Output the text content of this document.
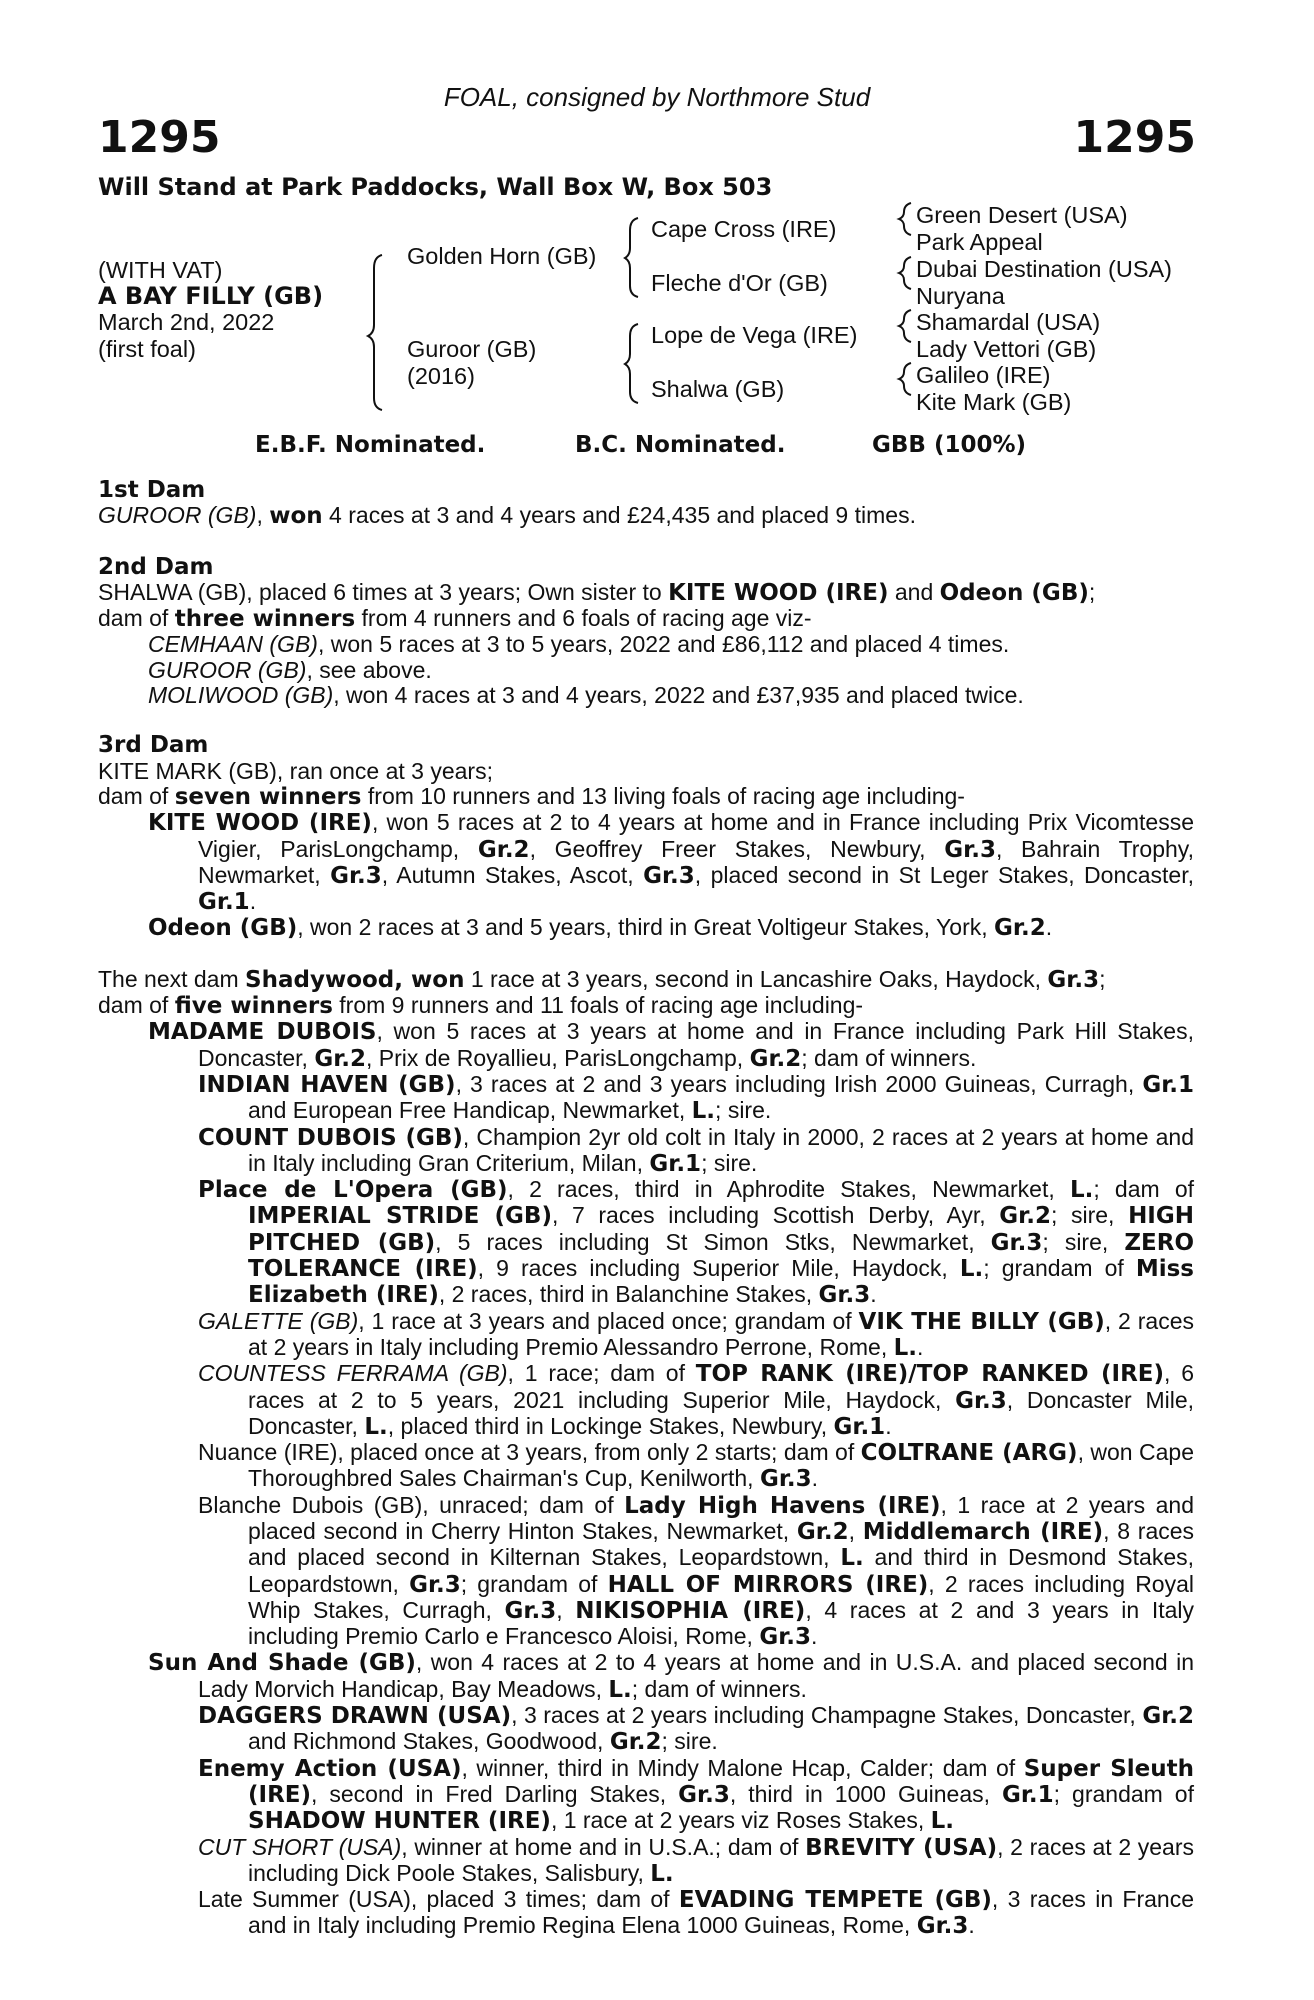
FOAL, consigned by Northmore Stud
1295	1295
Will Stand at Park Paddocks, Wall Box W, Box 503
(WITH VAT)
A BAY FILLY (GB)
March 2nd, 2022
(first foal)
Golden Horn (GB)
Guroor (GB)
(2016)
Cape Cross (IRE)
Fleche d'Or (GB)
Lope de Vega (IRE)
Shalwa (GB)
Green Desert (USA)
Park Appeal
Dubai Destination (USA)
Nuryana
Shamardal (USA)
Lady Vettori (GB)
Galileo (IRE)
Kite Mark (GB)
E.B.F. Nominated.	B.C. Nominated.	GBB (100%)
1st Dam

GUROOR (GB), won 4 races at 3 and 4 years and £24,435 and placed 9 times.

2nd Dam

SHALWA (GB), placed 6 times at 3 years; Own sister to KITE WOOD (IRE) and Odeon (GB);
dam of three winners from 4 runners and 6 foals of racing age viz-

CEMHAAN (GB), won 5 races at 3 to 5 years, 2022 and £86,112 and placed 4 times.

GUROOR (GB), see above.

MOLIWOOD (GB), won 4 races at 3 and 4 years, 2022 and £37,935 and placed twice.

3rd Dam

KITE MARK (GB), ran once at 3 years;
dam of seven winners from 10 runners and 13 living foals of racing age including-

KITE WOOD (IRE), won 5 races at 2 to 4 years at home and in France including Prix Vicomtesse Vigier, ParisLongchamp, Gr.2, Geoffrey Freer Stakes, Newbury, Gr.3, Bahrain Trophy, Newmarket, Gr.3, Autumn Stakes, Ascot, Gr.3, placed second in St Leger Stakes, Doncaster, Gr.1.

Odeon (GB), won 2 races at 3 and 5 years, third in Great Voltigeur Stakes, York, Gr.2.

The next dam Shadywood, won 1 race at 3 years, second in Lancashire Oaks, Haydock, Gr.3;
dam of five winners from 9 runners and 11 foals of racing age including-

MADAME DUBOIS, won 5 races at 3 years at home and in France including Park Hill Stakes, Doncaster, Gr.2, Prix de Royallieu, ParisLongchamp, Gr.2; dam of winners.

INDIAN HAVEN (GB), 3 races at 2 and 3 years including Irish 2000 Guineas, Curragh, Gr.1 and European Free Handicap, Newmarket, L.; sire.

COUNT DUBOIS (GB), Champion 2yr old colt in Italy in 2000, 2 races at 2 years at home and in Italy including Gran Criterium, Milan, Gr.1; sire.

Place de L'Opera (GB), 2 races, third in Aphrodite Stakes, Newmarket, L.; dam of IMPERIAL STRIDE (GB), 7 races including Scottish Derby, Ayr, Gr.2; sire, HIGH PITCHED (GB), 5 races including St Simon Stks, Newmarket, Gr.3; sire, ZERO TOLERANCE (IRE), 9 races including Superior Mile, Haydock, L.; grandam of Miss Elizabeth (IRE), 2 races, third in Balanchine Stakes, Gr.3.

GALETTE (GB), 1 race at 3 years and placed once; grandam of VIK THE BILLY (GB), 2 races at 2 years in Italy including Premio Alessandro Perrone, Rome, L..

COUNTESS FERRAMA (GB), 1 race; dam of TOP RANK (IRE)/TOP RANKED (IRE), 6 races at 2 to 5 years, 2021 including Superior Mile, Haydock, Gr.3, Doncaster Mile, Doncaster, L., placed third in Lockinge Stakes, Newbury, Gr.1.

Nuance (IRE), placed once at 3 years, from only 2 starts; dam of COLTRANE (ARG), won Cape Thoroughbred Sales Chairman's Cup, Kenilworth, Gr.3.

Blanche Dubois (GB), unraced; dam of Lady High Havens (IRE), 1 race at 2 years and placed second in Cherry Hinton Stakes, Newmarket, Gr.2, Middlemarch (IRE), 8 races and placed second in Kilternan Stakes, Leopardstown, L. and third in Desmond Stakes, Leopardstown, Gr.3; grandam of HALL OF MIRRORS (IRE), 2 races including Royal Whip Stakes, Curragh, Gr.3, NIKISOPHIA (IRE), 4 races at 2 and 3 years in Italy including Premio Carlo e Francesco Aloisi, Rome, Gr.3.

Sun And Shade (GB), won 4 races at 2 to 4 years at home and in U.S.A. and placed second in Lady Morvich Handicap, Bay Meadows, L.; dam of winners.

DAGGERS DRAWN (USA), 3 races at 2 years including Champagne Stakes, Doncaster, Gr.2 and Richmond Stakes, Goodwood, Gr.2; sire.

Enemy Action (USA), winner, third in Mindy Malone Hcap, Calder; dam of Super Sleuth (IRE), second in Fred Darling Stakes, Gr.3, third in 1000 Guineas, Gr.1; grandam of SHADOW HUNTER (IRE), 1 race at 2 years viz Roses Stakes, L.

CUT SHORT (USA), winner at home and in U.S.A.; dam of BREVITY (USA), 2 races at 2 years including Dick Poole Stakes, Salisbury, L.

Late Summer (USA), placed 3 times; dam of EVADING TEMPETE (GB), 3 races in France and in Italy including Premio Regina Elena 1000 Guineas, Rome, Gr.3.
